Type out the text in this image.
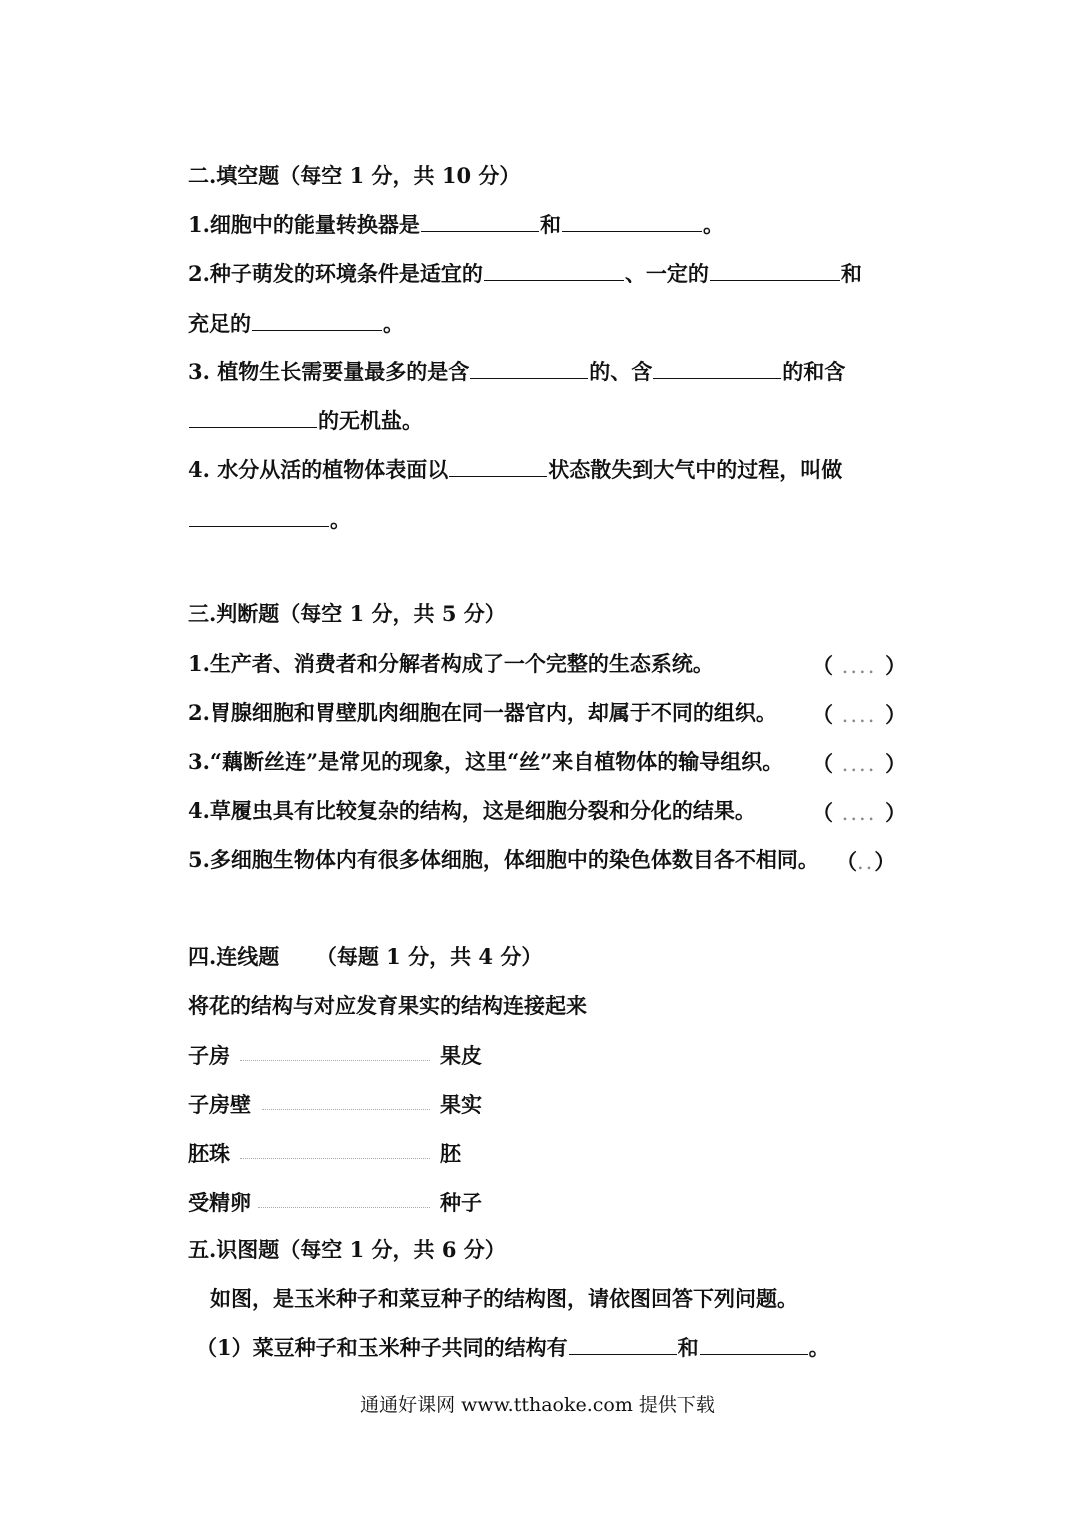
二.填空题（每空 1 分，共 10 分）
1.细胞中的能量转换器是	和	。
2.种子萌发的环境条件是适宜的	、一定的	和
充足的	。
3. 植物生长需要量最多的是含	的、含	的和含
的无机盐。
4. 水分从活的植物体表面以	状态散失到大气中的过程，叫做
。
三.判断题（每空 1 分，共 5 分）
1.生产者、消费者和分解者构成了一个完整的生态系统。	（ .... ）
2.胃腺细胞和胃壁肌肉细胞在同一器官内，却属于不同的组织。 （ .... ）
3.“藕断丝连”是常见的现象，这里“丝”来自植物体的输导组织。 （ .... ）
4.草履虫具有比较复杂的结构，这是细胞分裂和分化的结果。	（ .... ）
5.多细胞生物体内有很多体细胞，体细胞中的染色体数目各不相同。 （..）
四.连线题 （每题 1 分，共 4 分）
将花的结构与对应发育果实的结构连接起来
子房	果皮
子房壁	果实
胚珠	胚
受精卵	种子
五.识图题（每空 1 分，共 6 分）
如图，是玉米种子和菜豆种子的结构图，请依图回答下列问题。
（1）菜豆种子和玉米种子共同的结构有	和	。
通通好课网 www.tthaoke.com 提供下载
